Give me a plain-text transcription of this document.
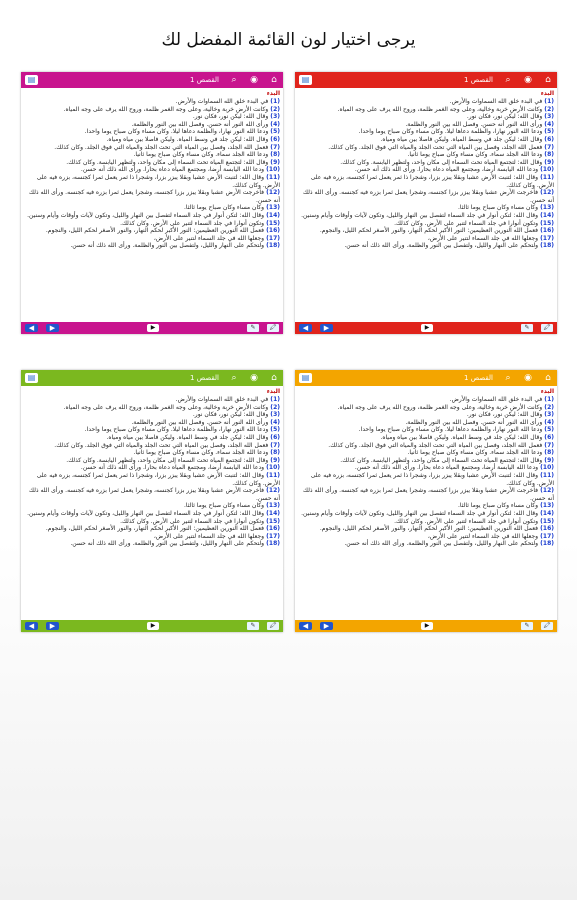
يرجى اختيار لون القائمة المفضل لك
▤	القصص 1 ⌕ ◉ ⌂
البدء
(1) في البدء خلق الله السماوات والأرض.
(2) وكانت الأرض خربة وخالية، وعلى وجه الغمر ظلمة، وروح الله يرف على وجه المياه.
(3) وقال الله: ليكن نور، فكان نور.
(4) ورأى الله النور أنه حسن. وفصل الله بين النور والظلمة.
(5) ودعا الله النور نهارا، والظلمة دعاها ليلا. وكان مساء وكان صباح يوما واحدا.
(6) وقال الله: ليكن جلد في وسط المياه. وليكن فاصلا بين مياه ومياه.
(7) فعمل الله الجلد، وفصل بين المياه التي تحت الجلد والمياه التي فوق الجلد. وكان كذلك.
(8) ودعا الله الجلد سماء. وكان مساء وكان صباح يوما ثانيا.
(9) وقال الله: لتجتمع المياه تحت السماء إلى مكان واحد، ولتظهر اليابسة. وكان كذلك.
(10) ودعا الله اليابسة أرضا، ومجتمع المياه دعاه بحارا. ورأى الله ذلك أنه حسن.
(11) وقال الله: لتنبت الأرض عشبا وبقلا يبزر بزرا، وشجرا ذا ثمر يعمل ثمرا كجنسه، بزره فيه على الأرض. وكان كذلك.
(12) فأخرجت الأرض عشبا وبقلا يبزر بزرا كجنسه، وشجرا يعمل ثمرا بزره فيه كجنسه. ورأى الله ذلك أنه حسن.
(13) وكان مساء وكان صباح يوما ثالثا.
(14) وقال الله: لتكن أنوار في جلد السماء لتفصل بين النهار والليل، وتكون لآيات وأوقات وأيام وسنين.
(15) وتكون أنوارا في جلد السماء لتنير على الأرض. وكان كذلك.
(16) فعمل الله النورين العظيمين: النور الأكبر لحكم النهار، والنور الأصغر لحكم الليل، والنجوم.
(17) وجعلها الله في جلد السماء لتنير على الأرض،
(18) ولتحكم على النهار والليل، ولتفصل بين النور والظلمة. ورأى الله ذلك أنه حسن.
◀	▶	▶	✎	🖍
▤	القصص 1 ⌕ ◉ ⌂
البدء
(1) في البدء خلق الله السماوات والأرض.
(2) وكانت الأرض خربة وخالية، وعلى وجه الغمر ظلمة، وروح الله يرف على وجه المياه.
(3) وقال الله: ليكن نور، فكان نور.
(4) ورأى الله النور أنه حسن. وفصل الله بين النور والظلمة.
(5) ودعا الله النور نهارا، والظلمة دعاها ليلا. وكان مساء وكان صباح يوما واحدا.
(6) وقال الله: ليكن جلد في وسط المياه. وليكن فاصلا بين مياه ومياه.
(7) فعمل الله الجلد، وفصل بين المياه التي تحت الجلد والمياه التي فوق الجلد. وكان كذلك.
(8) ودعا الله الجلد سماء. وكان مساء وكان صباح يوما ثانيا.
(9) وقال الله: لتجتمع المياه تحت السماء إلى مكان واحد، ولتظهر اليابسة. وكان كذلك.
(10) ودعا الله اليابسة أرضا، ومجتمع المياه دعاه بحارا. ورأى الله ذلك أنه حسن.
(11) وقال الله: لتنبت الأرض عشبا وبقلا يبزر بزرا، وشجرا ذا ثمر يعمل ثمرا كجنسه، بزره فيه على الأرض. وكان كذلك.
(12) فأخرجت الأرض عشبا وبقلا يبزر بزرا كجنسه، وشجرا يعمل ثمرا بزره فيه كجنسه. ورأى الله ذلك أنه حسن.
(13) وكان مساء وكان صباح يوما ثالثا.
(14) وقال الله: لتكن أنوار في جلد السماء لتفصل بين النهار والليل، وتكون لآيات وأوقات وأيام وسنين.
(15) وتكون أنوارا في جلد السماء لتنير على الأرض. وكان كذلك.
(16) فعمل الله النورين العظيمين: النور الأكبر لحكم النهار، والنور الأصغر لحكم الليل، والنجوم.
(17) وجعلها الله في جلد السماء لتنير على الأرض،
(18) ولتحكم على النهار والليل، ولتفصل بين النور والظلمة. ورأى الله ذلك أنه حسن.
◀	▶	▶	✎	🖍
▤	القصص 1 ⌕ ◉ ⌂
البدء
(1) في البدء خلق الله السماوات والأرض.
(2) وكانت الأرض خربة وخالية، وعلى وجه الغمر ظلمة، وروح الله يرف على وجه المياه.
(3) وقال الله: ليكن نور، فكان نور.
(4) ورأى الله النور أنه حسن. وفصل الله بين النور والظلمة.
(5) ودعا الله النور نهارا، والظلمة دعاها ليلا. وكان مساء وكان صباح يوما واحدا.
(6) وقال الله: ليكن جلد في وسط المياه. وليكن فاصلا بين مياه ومياه.
(7) فعمل الله الجلد، وفصل بين المياه التي تحت الجلد والمياه التي فوق الجلد. وكان كذلك.
(8) ودعا الله الجلد سماء. وكان مساء وكان صباح يوما ثانيا.
(9) وقال الله: لتجتمع المياه تحت السماء إلى مكان واحد، ولتظهر اليابسة. وكان كذلك.
(10) ودعا الله اليابسة أرضا، ومجتمع المياه دعاه بحارا. ورأى الله ذلك أنه حسن.
(11) وقال الله: لتنبت الأرض عشبا وبقلا يبزر بزرا، وشجرا ذا ثمر يعمل ثمرا كجنسه، بزره فيه على الأرض. وكان كذلك.
(12) فأخرجت الأرض عشبا وبقلا يبزر بزرا كجنسه، وشجرا يعمل ثمرا بزره فيه كجنسه. ورأى الله ذلك أنه حسن.
(13) وكان مساء وكان صباح يوما ثالثا.
(14) وقال الله: لتكن أنوار في جلد السماء لتفصل بين النهار والليل، وتكون لآيات وأوقات وأيام وسنين.
(15) وتكون أنوارا في جلد السماء لتنير على الأرض. وكان كذلك.
(16) فعمل الله النورين العظيمين: النور الأكبر لحكم النهار، والنور الأصغر لحكم الليل، والنجوم.
(17) وجعلها الله في جلد السماء لتنير على الأرض،
(18) ولتحكم على النهار والليل، ولتفصل بين النور والظلمة. ورأى الله ذلك أنه حسن.
◀	▶	▶	✎	🖍
▤	القصص 1 ⌕ ◉ ⌂
البدء
(1) في البدء خلق الله السماوات والأرض.
(2) وكانت الأرض خربة وخالية، وعلى وجه الغمر ظلمة، وروح الله يرف على وجه المياه.
(3) وقال الله: ليكن نور، فكان نور.
(4) ورأى الله النور أنه حسن. وفصل الله بين النور والظلمة.
(5) ودعا الله النور نهارا، والظلمة دعاها ليلا. وكان مساء وكان صباح يوما واحدا.
(6) وقال الله: ليكن جلد في وسط المياه. وليكن فاصلا بين مياه ومياه.
(7) فعمل الله الجلد، وفصل بين المياه التي تحت الجلد والمياه التي فوق الجلد. وكان كذلك.
(8) ودعا الله الجلد سماء. وكان مساء وكان صباح يوما ثانيا.
(9) وقال الله: لتجتمع المياه تحت السماء إلى مكان واحد، ولتظهر اليابسة. وكان كذلك.
(10) ودعا الله اليابسة أرضا، ومجتمع المياه دعاه بحارا. ورأى الله ذلك أنه حسن.
(11) وقال الله: لتنبت الأرض عشبا وبقلا يبزر بزرا، وشجرا ذا ثمر يعمل ثمرا كجنسه، بزره فيه على الأرض. وكان كذلك.
(12) فأخرجت الأرض عشبا وبقلا يبزر بزرا كجنسه، وشجرا يعمل ثمرا بزره فيه كجنسه. ورأى الله ذلك أنه حسن.
(13) وكان مساء وكان صباح يوما ثالثا.
(14) وقال الله: لتكن أنوار في جلد السماء لتفصل بين النهار والليل، وتكون لآيات وأوقات وأيام وسنين.
(15) وتكون أنوارا في جلد السماء لتنير على الأرض. وكان كذلك.
(16) فعمل الله النورين العظيمين: النور الأكبر لحكم النهار، والنور الأصغر لحكم الليل، والنجوم.
(17) وجعلها الله في جلد السماء لتنير على الأرض،
(18) ولتحكم على النهار والليل، ولتفصل بين النور والظلمة. ورأى الله ذلك أنه حسن.
◀	▶	▶	✎	🖍
